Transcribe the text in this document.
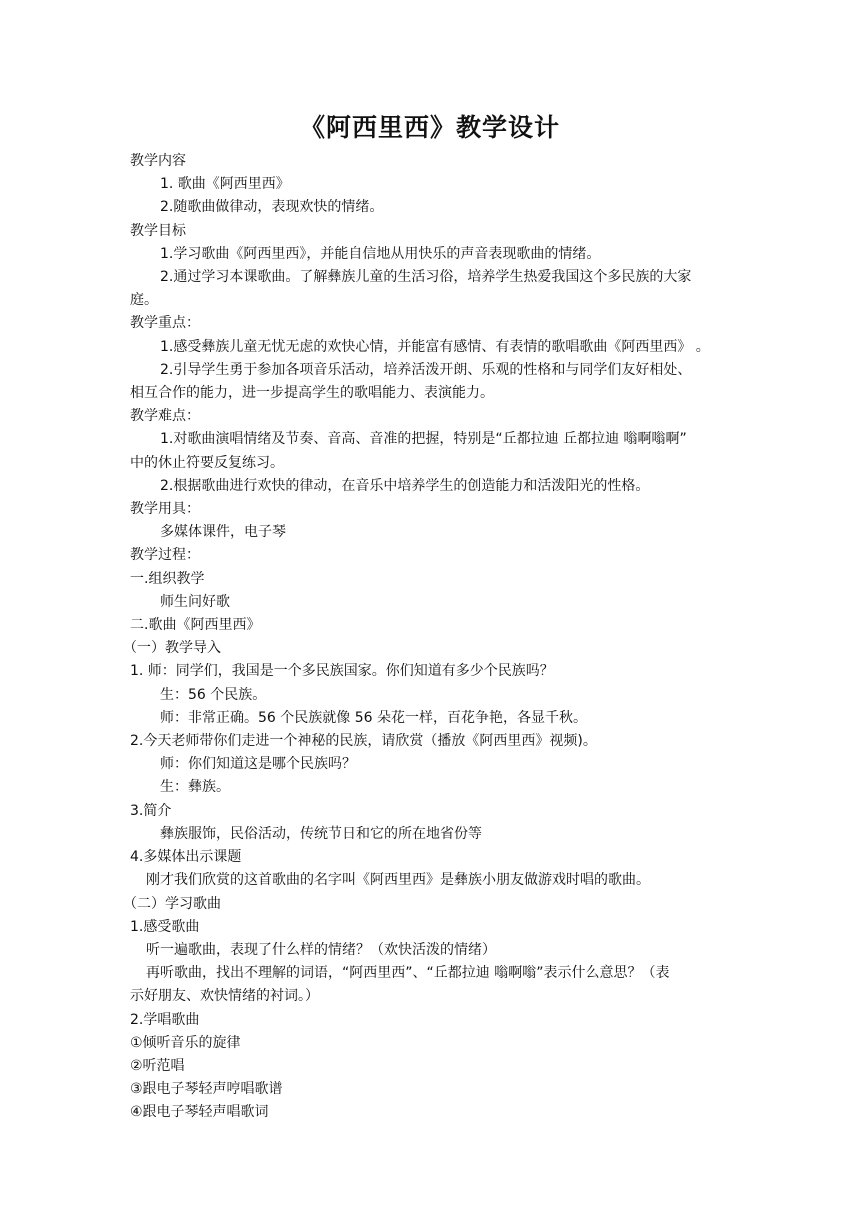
《阿西里西》教学设计

教学内容

1. 歌曲《阿西里西》

2.随歌曲做律动，表现欢快的情绪。

教学目标

1.学习歌曲《阿西里西》，并能自信地从用快乐的声音表现歌曲的情绪。

2.通过学习本课歌曲。了解彝族儿童的生活习俗，培养学生热爱我国这个多民族的大家

庭。

教学重点：

1.感受彝族儿童无忧无虑的欢快心情，并能富有感情、有表情的歌唱歌曲《阿西里西》 。

2.引导学生勇于参加各项音乐活动，培养活泼开朗、乐观的性格和与同学们友好相处、

相互合作的能力，进一步提高学生的歌唱能力、表演能力。

教学难点：

1.对歌曲演唱情绪及节奏、音高、音准的把握，特别是“丘都拉迪 丘都拉迪 嗡啊嗡啊”

中的休止符要反复练习。

2.根据歌曲进行欢快的律动，在音乐中培养学生的创造能力和活泼阳光的性格。

教学用具：

多媒体课件，电子琴

教学过程：

一.组织教学

师生问好歌

二.歌曲《阿西里西》

（一）教学导入

1. 师：同学们，我国是一个多民族国家。你们知道有多少个民族吗？

生：56 个民族。

师：非常正确。56 个民族就像 56 朵花一样，百花争艳，各显千秋。

2.今天老师带你们走进一个神秘的民族，请欣赏（播放《阿西里西》视频)。

师：你们知道这是哪个民族吗？

生：彝族。

3.简介

彝族服饰，民俗活动，传统节日和它的所在地省份等

4.多媒体出示课题

刚才我们欣赏的这首歌曲的名字叫《阿西里西》是彝族小朋友做游戏时唱的歌曲。

（二）学习歌曲

1.感受歌曲

听一遍歌曲，表现了什么样的情绪？（欢快活泼的情绪）

再听歌曲，找出不理解的词语，“阿西里西”、“丘都拉迪 嗡啊嗡”表示什么意思？（表

示好朋友、欢快情绪的衬词。）

2.学唱歌曲

①倾听音乐的旋律

②听范唱

③跟电子琴轻声哼唱歌谱

④跟电子琴轻声唱歌词
